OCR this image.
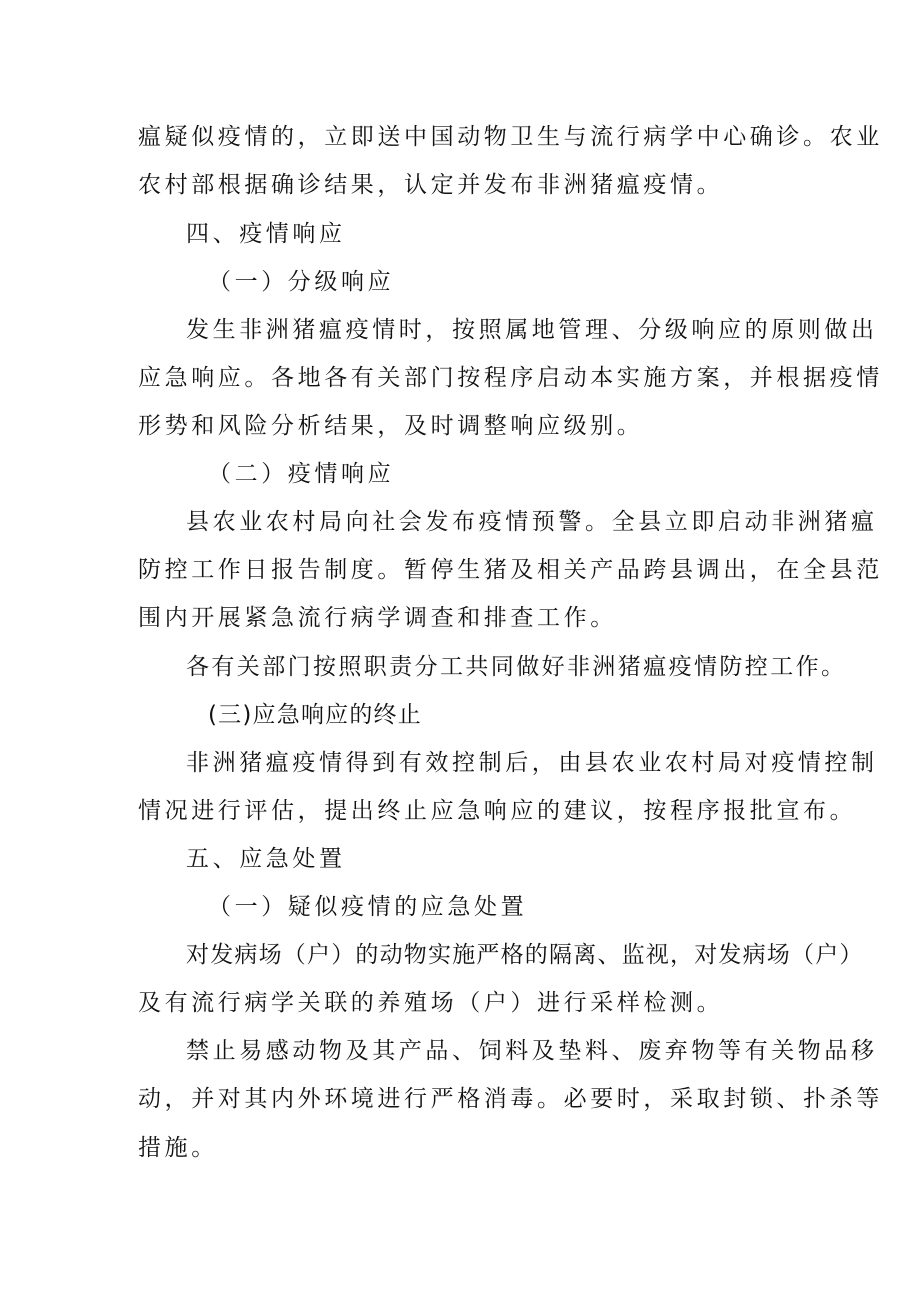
瘟疑似疫情的，立即送中国动物卫生与流行病学中心确诊。农业
农村部根据确诊结果，认定并发布非洲猪瘟疫情。
四、疫情响应
（一）分级响应
发生非洲猪瘟疫情时，按照属地管理、分级响应的原则做出
应急响应。各地各有关部门按程序启动本实施方案，并根据疫情
形势和风险分析结果，及时调整响应级别。
（二）疫情响应
县农业农村局向社会发布疫情预警。全县立即启动非洲猪瘟
防控工作日报告制度。暂停生猪及相关产品跨县调出，在全县范
围内开展紧急流行病学调查和排查工作。
各有关部门按照职责分工共同做好非洲猪瘟疫情防控工作。
(三)应急响应的终止
非洲猪瘟疫情得到有效控制后，由县农业农村局对疫情控制
情况进行评估，提出终止应急响应的建议，按程序报批宣布。
五、应急处置
（一）疑似疫情的应急处置
对发病场（户）的动物实施严格的隔离、监视，对发病场（户）
及有流行病学关联的养殖场（户）进行采样检测。
禁止易感动物及其产品、饲料及垫料、废弃物等有关物品移
动，并对其内外环境进行严格消毒。必要时，采取封锁、扑杀等
措施。
